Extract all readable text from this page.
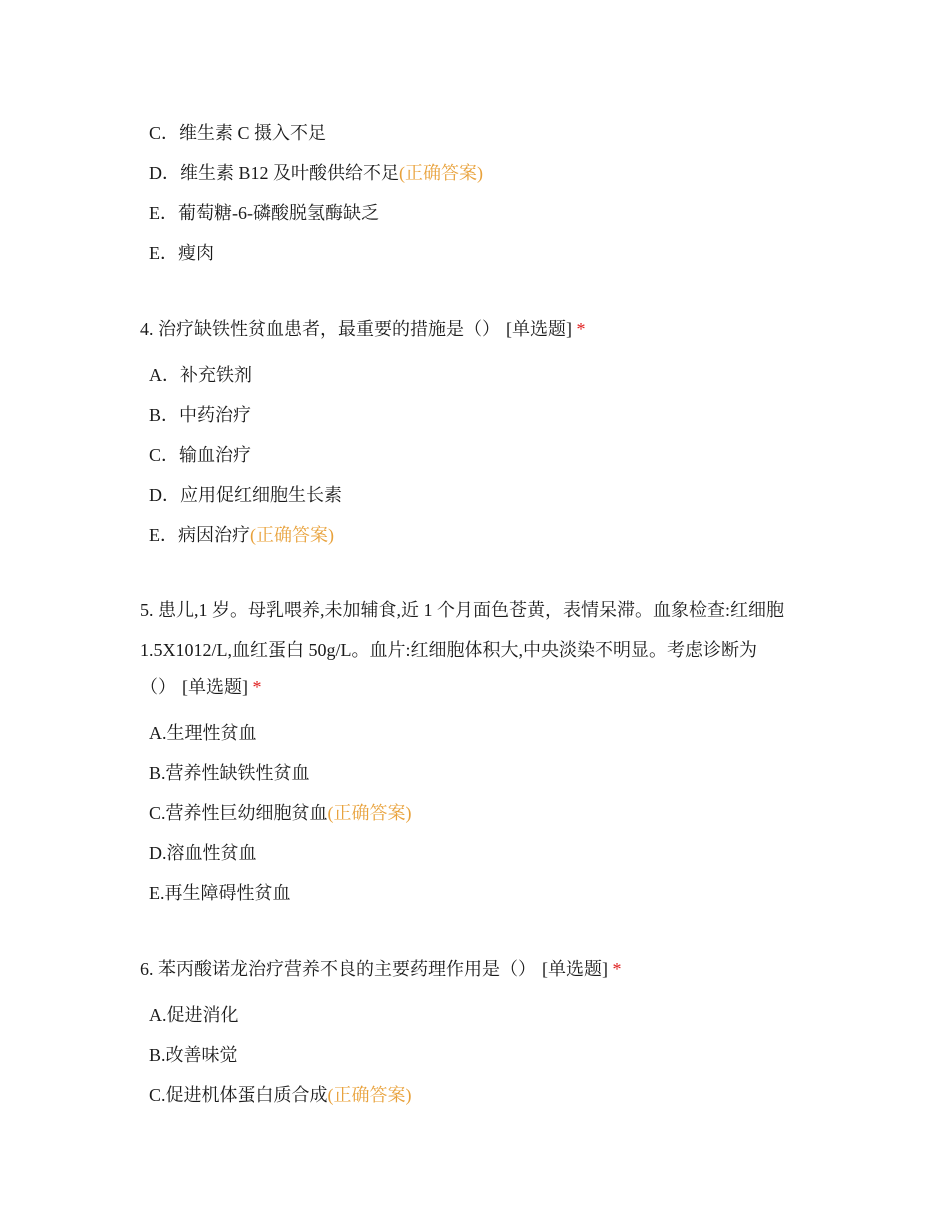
C．维生素 C 摄入不足
D．维生素 B12 及叶酸供给不足(正确答案)
E．葡萄糖-6-磷酸脱氢酶缺乏
E．瘦肉
4. 治疗缺铁性贫血患者，最重要的措施是（） [单选题] *
A．补充铁剂
B．中药治疗
C．输血治疗
D．应用促红细胞生长素
E．病因治疗(正确答案)
5. 患儿,1 岁。母乳喂养,未加辅食,近 1 个月面色苍黄，表情呆滞。血象检查:红细胞
1.5X1012/L,血红蛋白 50g/L。血片:红细胞体积大,中央淡染不明显。考虑诊断为
（） [单选题] *
A.生理性贫血
B.营养性缺铁性贫血
C.营养性巨幼细胞贫血(正确答案)
D.溶血性贫血
E.再生障碍性贫血
6. 苯丙酸诺龙治疗营养不良的主要药理作用是（） [单选题] *
A.促进消化
B.改善味觉
C.促进机体蛋白质合成(正确答案)
